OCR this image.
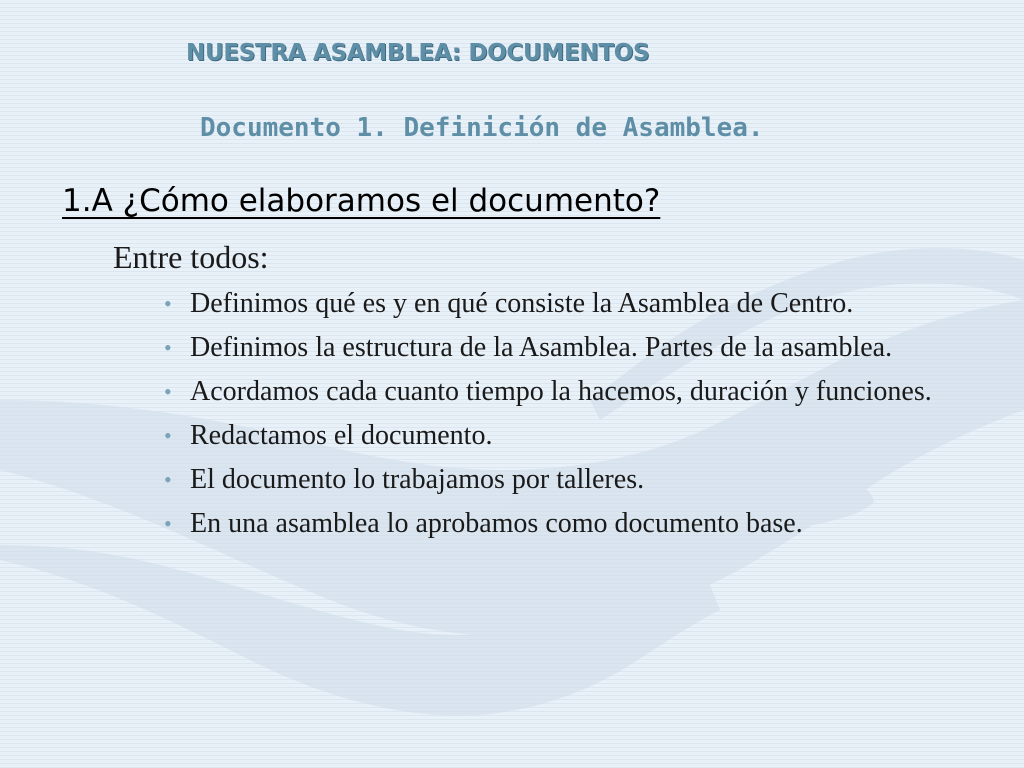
NUESTRA ASAMBLEA: DOCUMENTOS
Documento 1. Definición de Asamblea.
1.A ¿Cómo elaboramos el documento?

Entre todos:

• Definimos qué es y en qué consiste la Asamblea de Centro.
• Definimos la estructura de la Asamblea. Partes de la asamblea.
• Acordamos cada cuanto tiempo la hacemos, duración y funciones.
• Redactamos el documento.
• El documento lo trabajamos por talleres.
• En una asamblea lo aprobamos como documento base.
